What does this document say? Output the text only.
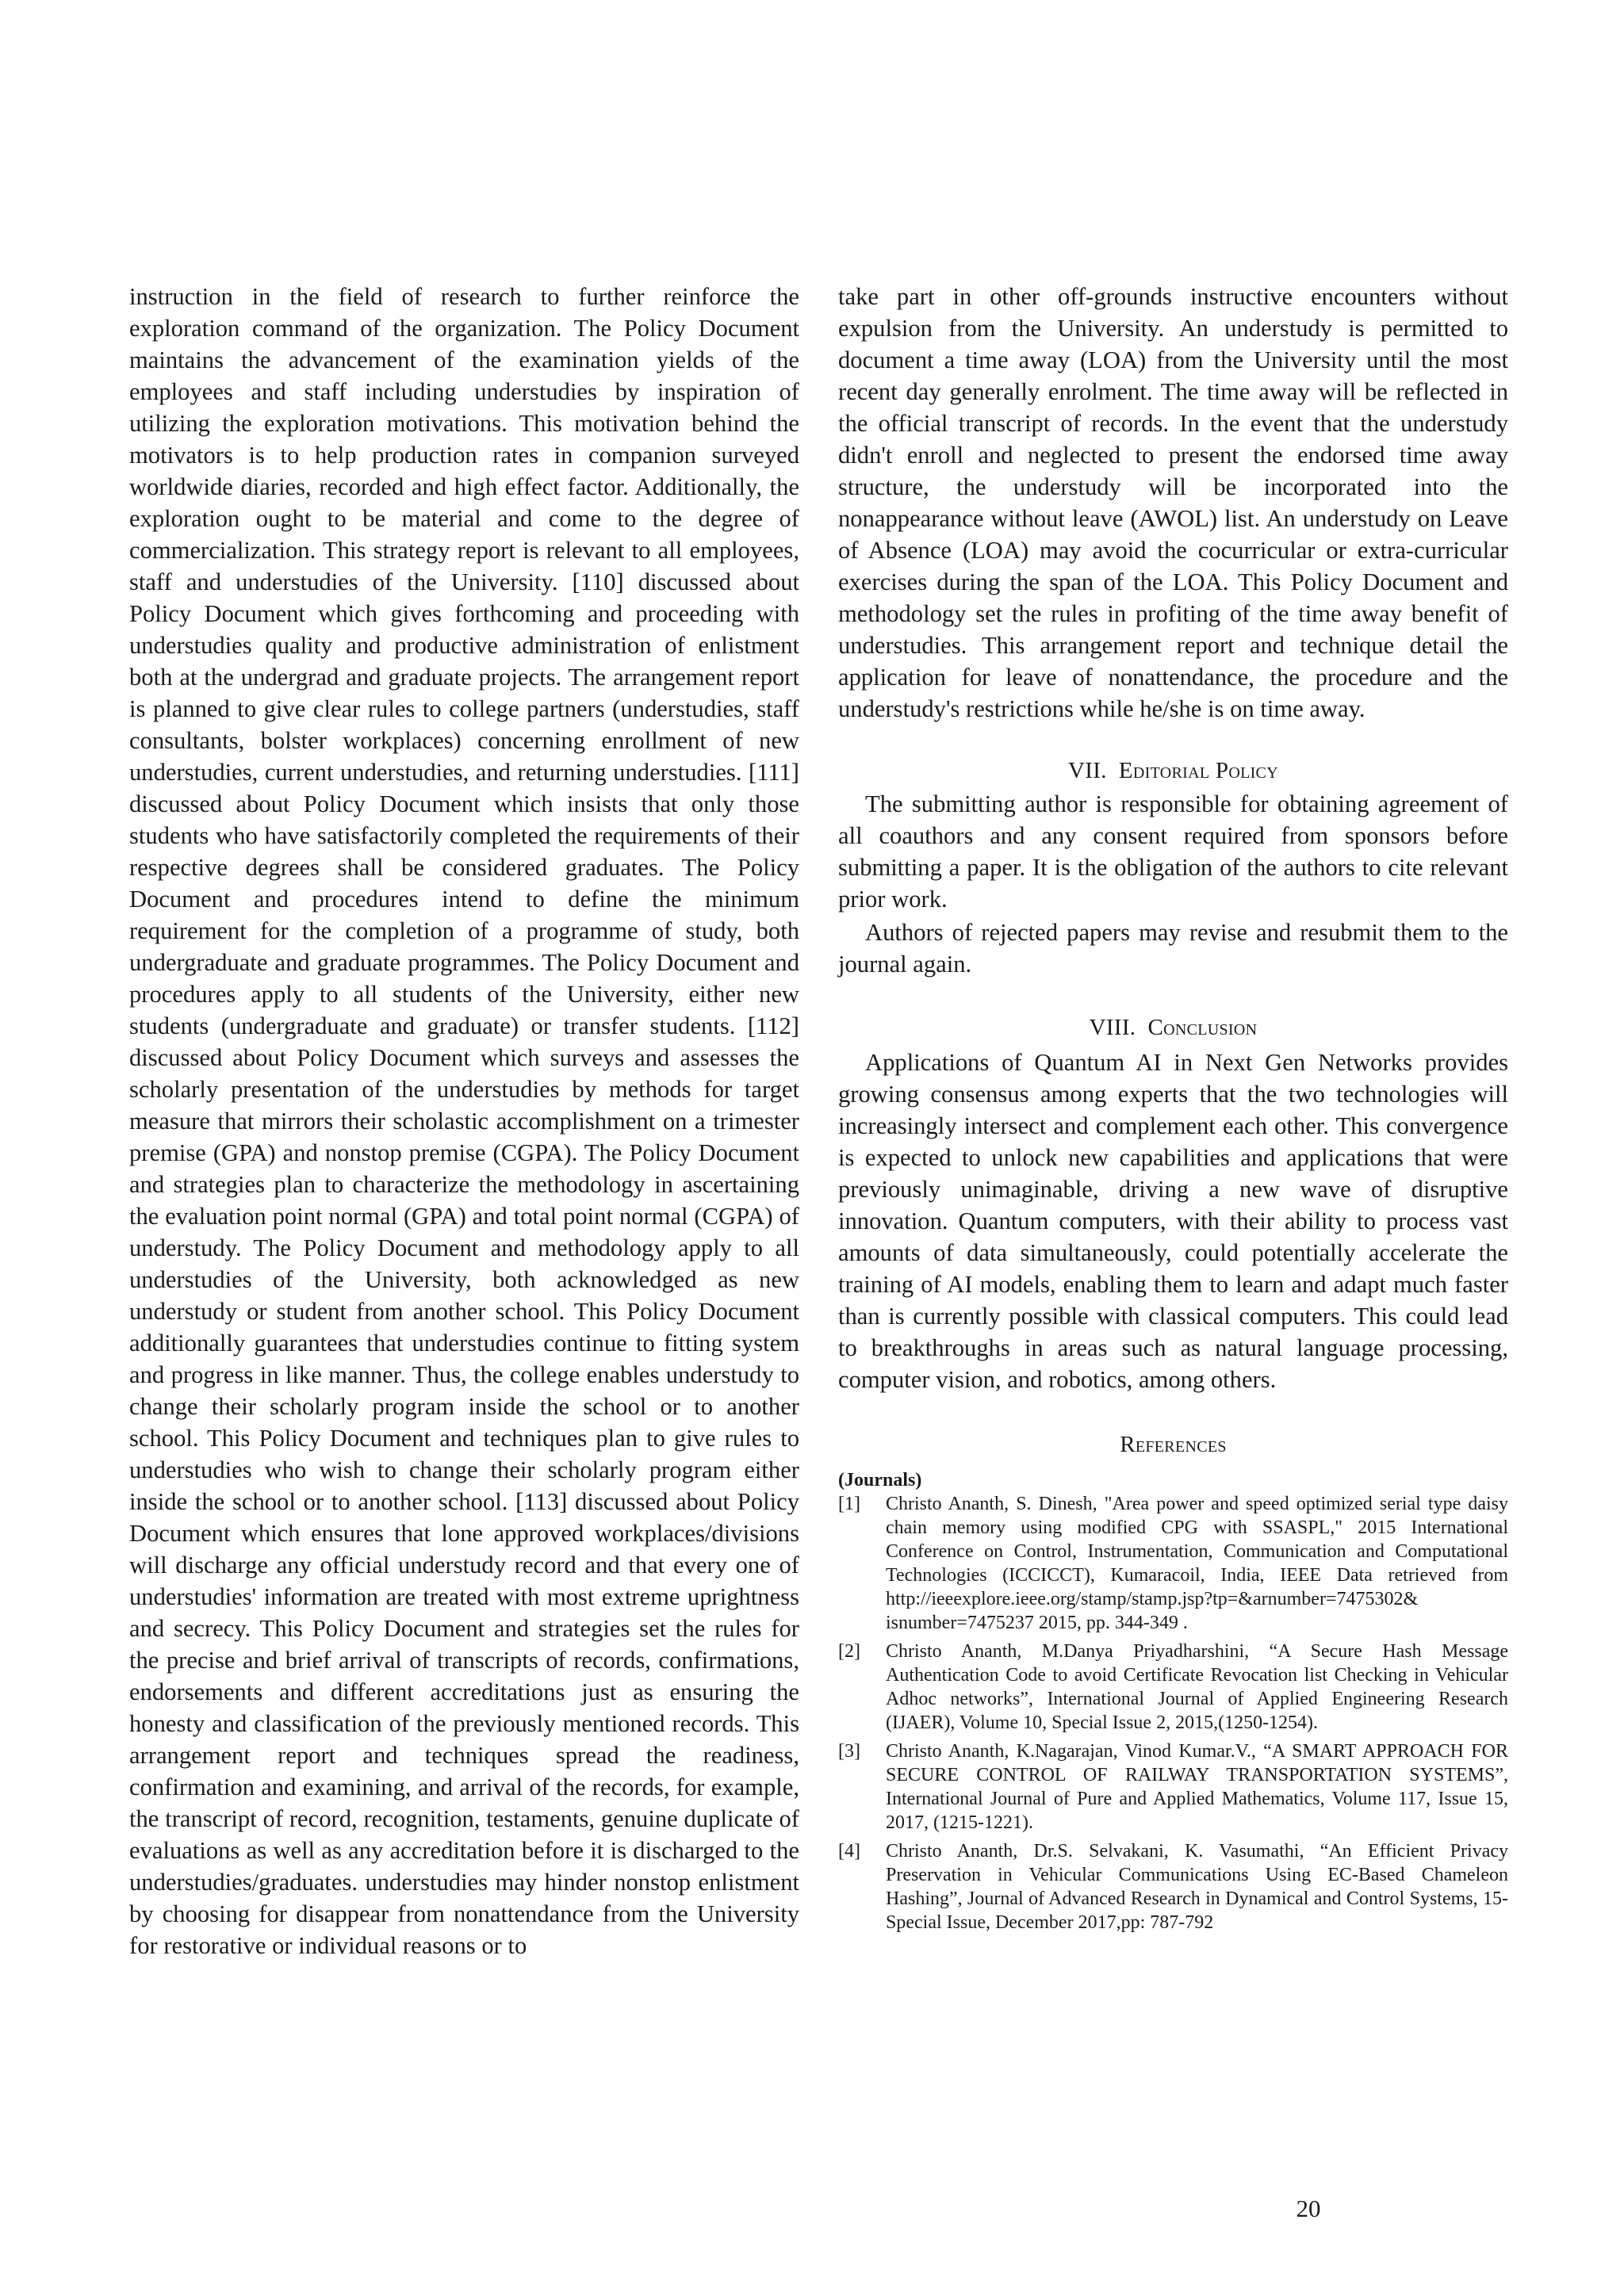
instruction in the field of research to further reinforce the exploration command of the organization. The Policy Document maintains the advancement of the examination yields of the employees and staff including understudies by inspiration of utilizing the exploration motivations. This motivation behind the motivators is to help production rates in companion surveyed worldwide diaries, recorded and high effect factor. Additionally, the exploration ought to be material and come to the degree of commercialization. This strategy report is relevant to all employees, staff and understudies of the University. [110] discussed about Policy Document which gives forthcoming and proceeding with understudies quality and productive administration of enlistment both at the undergrad and graduate projects. The arrangement report is planned to give clear rules to college partners (understudies, staff consultants, bolster workplaces) concerning enrollment of new understudies, current understudies, and returning understudies. [111] discussed about Policy Document which insists that only those students who have satisfactorily completed the requirements of their respective degrees shall be considered graduates. The Policy Document and procedures intend to define the minimum requirement for the completion of a programme of study, both undergraduate and graduate programmes. The Policy Document and procedures apply to all students of the University, either new students (undergraduate and graduate) or transfer students. [112] discussed about Policy Document which surveys and assesses the scholarly presentation of the understudies by methods for target measure that mirrors their scholastic accomplishment on a trimester premise (GPA) and nonstop premise (CGPA). The Policy Document and strategies plan to characterize the methodology in ascertaining the evaluation point normal (GPA) and total point normal (CGPA) of understudy. The Policy Document and methodology apply to all understudies of the University, both acknowledged as new understudy or student from another school. This Policy Document additionally guarantees that understudies continue to fitting system and progress in like manner. Thus, the college enables understudy to change their scholarly program inside the school or to another school. This Policy Document and techniques plan to give rules to understudies who wish to change their scholarly program either inside the school or to another school. [113] discussed about Policy Document which ensures that lone approved workplaces/divisions will discharge any official understudy record and that every one of understudies' information are treated with most extreme uprightness and secrecy. This Policy Document and strategies set the rules for the precise and brief arrival of transcripts of records, confirmations, endorsements and different accreditations just as ensuring the honesty and classification of the previously mentioned records. This arrangement report and techniques spread the readiness, confirmation and examining, and arrival of the records, for example, the transcript of record, recognition, testaments, genuine duplicate of evaluations as well as any accreditation before it is discharged to the understudies/graduates. understudies may hinder nonstop enlistment by choosing for disappear from nonattendance from the University for restorative or individual reasons or to

take part in other off-grounds instructive encounters without expulsion from the University. An understudy is permitted to document a time away (LOA) from the University until the most recent day generally enrolment. The time away will be reflected in the official transcript of records. In the event that the understudy didn't enroll and neglected to present the endorsed time away structure, the understudy will be incorporated into the nonappearance without leave (AWOL) list. An understudy on Leave of Absence (LOA) may avoid the cocurricular or extra-curricular exercises during the span of the LOA. This Policy Document and methodology set the rules in profiting of the time away benefit of understudies. This arrangement report and technique detail the application for leave of nonattendance, the procedure and the understudy's restrictions while he/she is on time away.

VII. Editorial Policy

The submitting author is responsible for obtaining agreement of all coauthors and any consent required from sponsors before submitting a paper. It is the obligation of the authors to cite relevant prior work.

Authors of rejected papers may revise and resubmit them to the journal again.

VIII. Conclusion

Applications of Quantum AI in Next Gen Networks provides growing consensus among experts that the two technologies will increasingly intersect and complement each other. This convergence is expected to unlock new capabilities and applications that were previously unimaginable, driving a new wave of disruptive innovation. Quantum computers, with their ability to process vast amounts of data simultaneously, could potentially accelerate the training of AI models, enabling them to learn and adapt much faster than is currently possible with classical computers. This could lead to breakthroughs in areas such as natural language processing, computer vision, and robotics, among others.

References

(Journals)

[1]	Christo Ananth, S. Dinesh, "Area power and speed optimized serial type daisy chain memory using modified CPG with SSASPL," 2015 International Conference on Control, Instrumentation, Communication and Computational Technologies (ICCICCT), Kumaracoil, India, IEEE Data retrieved from http://ieeexplore.ieee.org/stamp/stamp.jsp?tp=&arnumber=7475302& isnumber=7475237 2015, pp. 344-349 .
[2]	Christo Ananth, M.Danya Priyadharshini, “A Secure Hash Message Authentication Code to avoid Certificate Revocation list Checking in Vehicular Adhoc networks”, International Journal of Applied Engineering Research (IJAER), Volume 10, Special Issue 2, 2015,(1250-1254).
[3]	Christo Ananth, K.Nagarajan, Vinod Kumar.V., “A SMART APPROACH FOR SECURE CONTROL OF RAILWAY TRANSPORTATION SYSTEMS”, International Journal of Pure and Applied Mathematics, Volume 117, Issue 15, 2017, (1215-1221).
[4]	Christo Ananth, Dr.S. Selvakani, K. Vasumathi, “An Efficient Privacy Preservation in Vehicular Communications Using EC-Based Chameleon Hashing”, Journal of Advanced Research in Dynamical and Control Systems, 15-Special Issue, December 2017,pp: 787-792
20
